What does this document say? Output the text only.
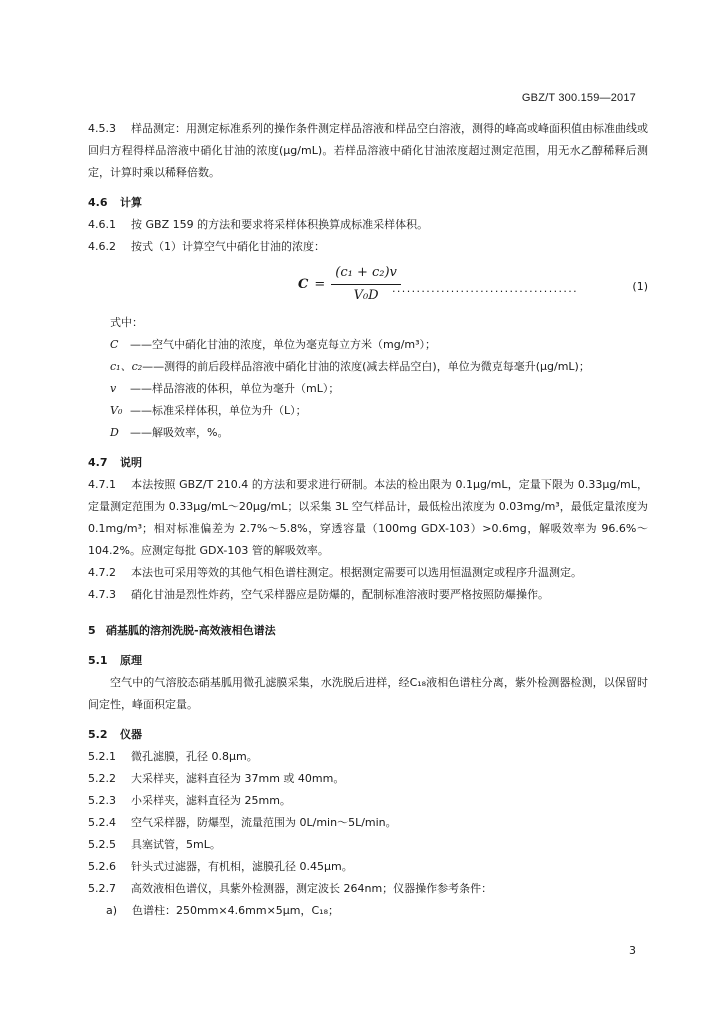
GBZ/T 300.159—2017

4.5.3 样品测定：用测定标准系列的操作条件测定样品溶液和样品空白溶液，测得的峰高或峰面积值由标准曲线或回归方程得样品溶液中硝化甘油的浓度(μg/mL)。若样品溶液中硝化甘油浓度超过测定范围，用无水乙醇稀释后测定，计算时乘以稀释倍数。

4.6 计算

4.6.1 按 GBZ 159 的方法和要求将采样体积换算成标准采样体积。

4.6.2 按式（1）计算空气中硝化甘油的浓度：

$C = \frac{\text{(c₁ + c₂)v}}{\text{V₀D}}$
......................................	(1)

式中：

C	——空气中硝化甘油的浓度，单位为毫克每立方米（mg/m³）；
c₁、c₂ ——测得的前后段样品溶液中硝化甘油的浓度(减去样品空白)，单位为微克每毫升(μg/mL)；
v	——样品溶液的体积，单位为毫升（mL）；
V₀ ——标准采样体积，单位为升（L）；
D	——解吸效率，%。

4.7 说明

4.7.1 本法按照 GBZ/T 210.4 的方法和要求进行研制。本法的检出限为 0.1μg/mL，定量下限为 0.33μg/mL，定量测定范围为 0.33μg/mL～20μg/mL；以采集 3L 空气样品计，最低检出浓度为 0.03mg/m³，最低定量浓度为 0.1mg/m³；相对标准偏差为 2.7%～5.8%，穿透容量（100mg GDX-103）>0.6mg，解吸效率为 96.6%～104.2%。应测定每批 GDX-103 管的解吸效率。

4.7.2 本法也可采用等效的其他气相色谱柱测定。根据测定需要可以选用恒温测定或程序升温测定。

4.7.3 硝化甘油是烈性炸药，空气采样器应是防爆的，配制标准溶液时要严格按照防爆操作。

5 硝基胍的溶剂洗脱-高效液相色谱法

5.1 原理

空气中的气溶胶态硝基胍用微孔滤膜采集，水洗脱后进样，经C₁₈液相色谱柱分离，紫外检测器检测，以保留时间定性，峰面积定量。

5.2 仪器

5.2.1 微孔滤膜，孔径 0.8μm。

5.2.2 大采样夹，滤料直径为 37mm 或 40mm。

5.2.3 小采样夹，滤料直径为 25mm。

5.2.4 空气采样器，防爆型，流量范围为 0L/min～5L/min。

5.2.5 具塞试管，5mL。

5.2.6 针头式过滤器，有机相，滤膜孔径 0.45μm。

5.2.7 高效液相色谱仪，具紫外检测器，测定波长 264nm；仪器操作参考条件：

a) 色谱柱：250mm×4.6mm×5μm，C₁₈；

3
